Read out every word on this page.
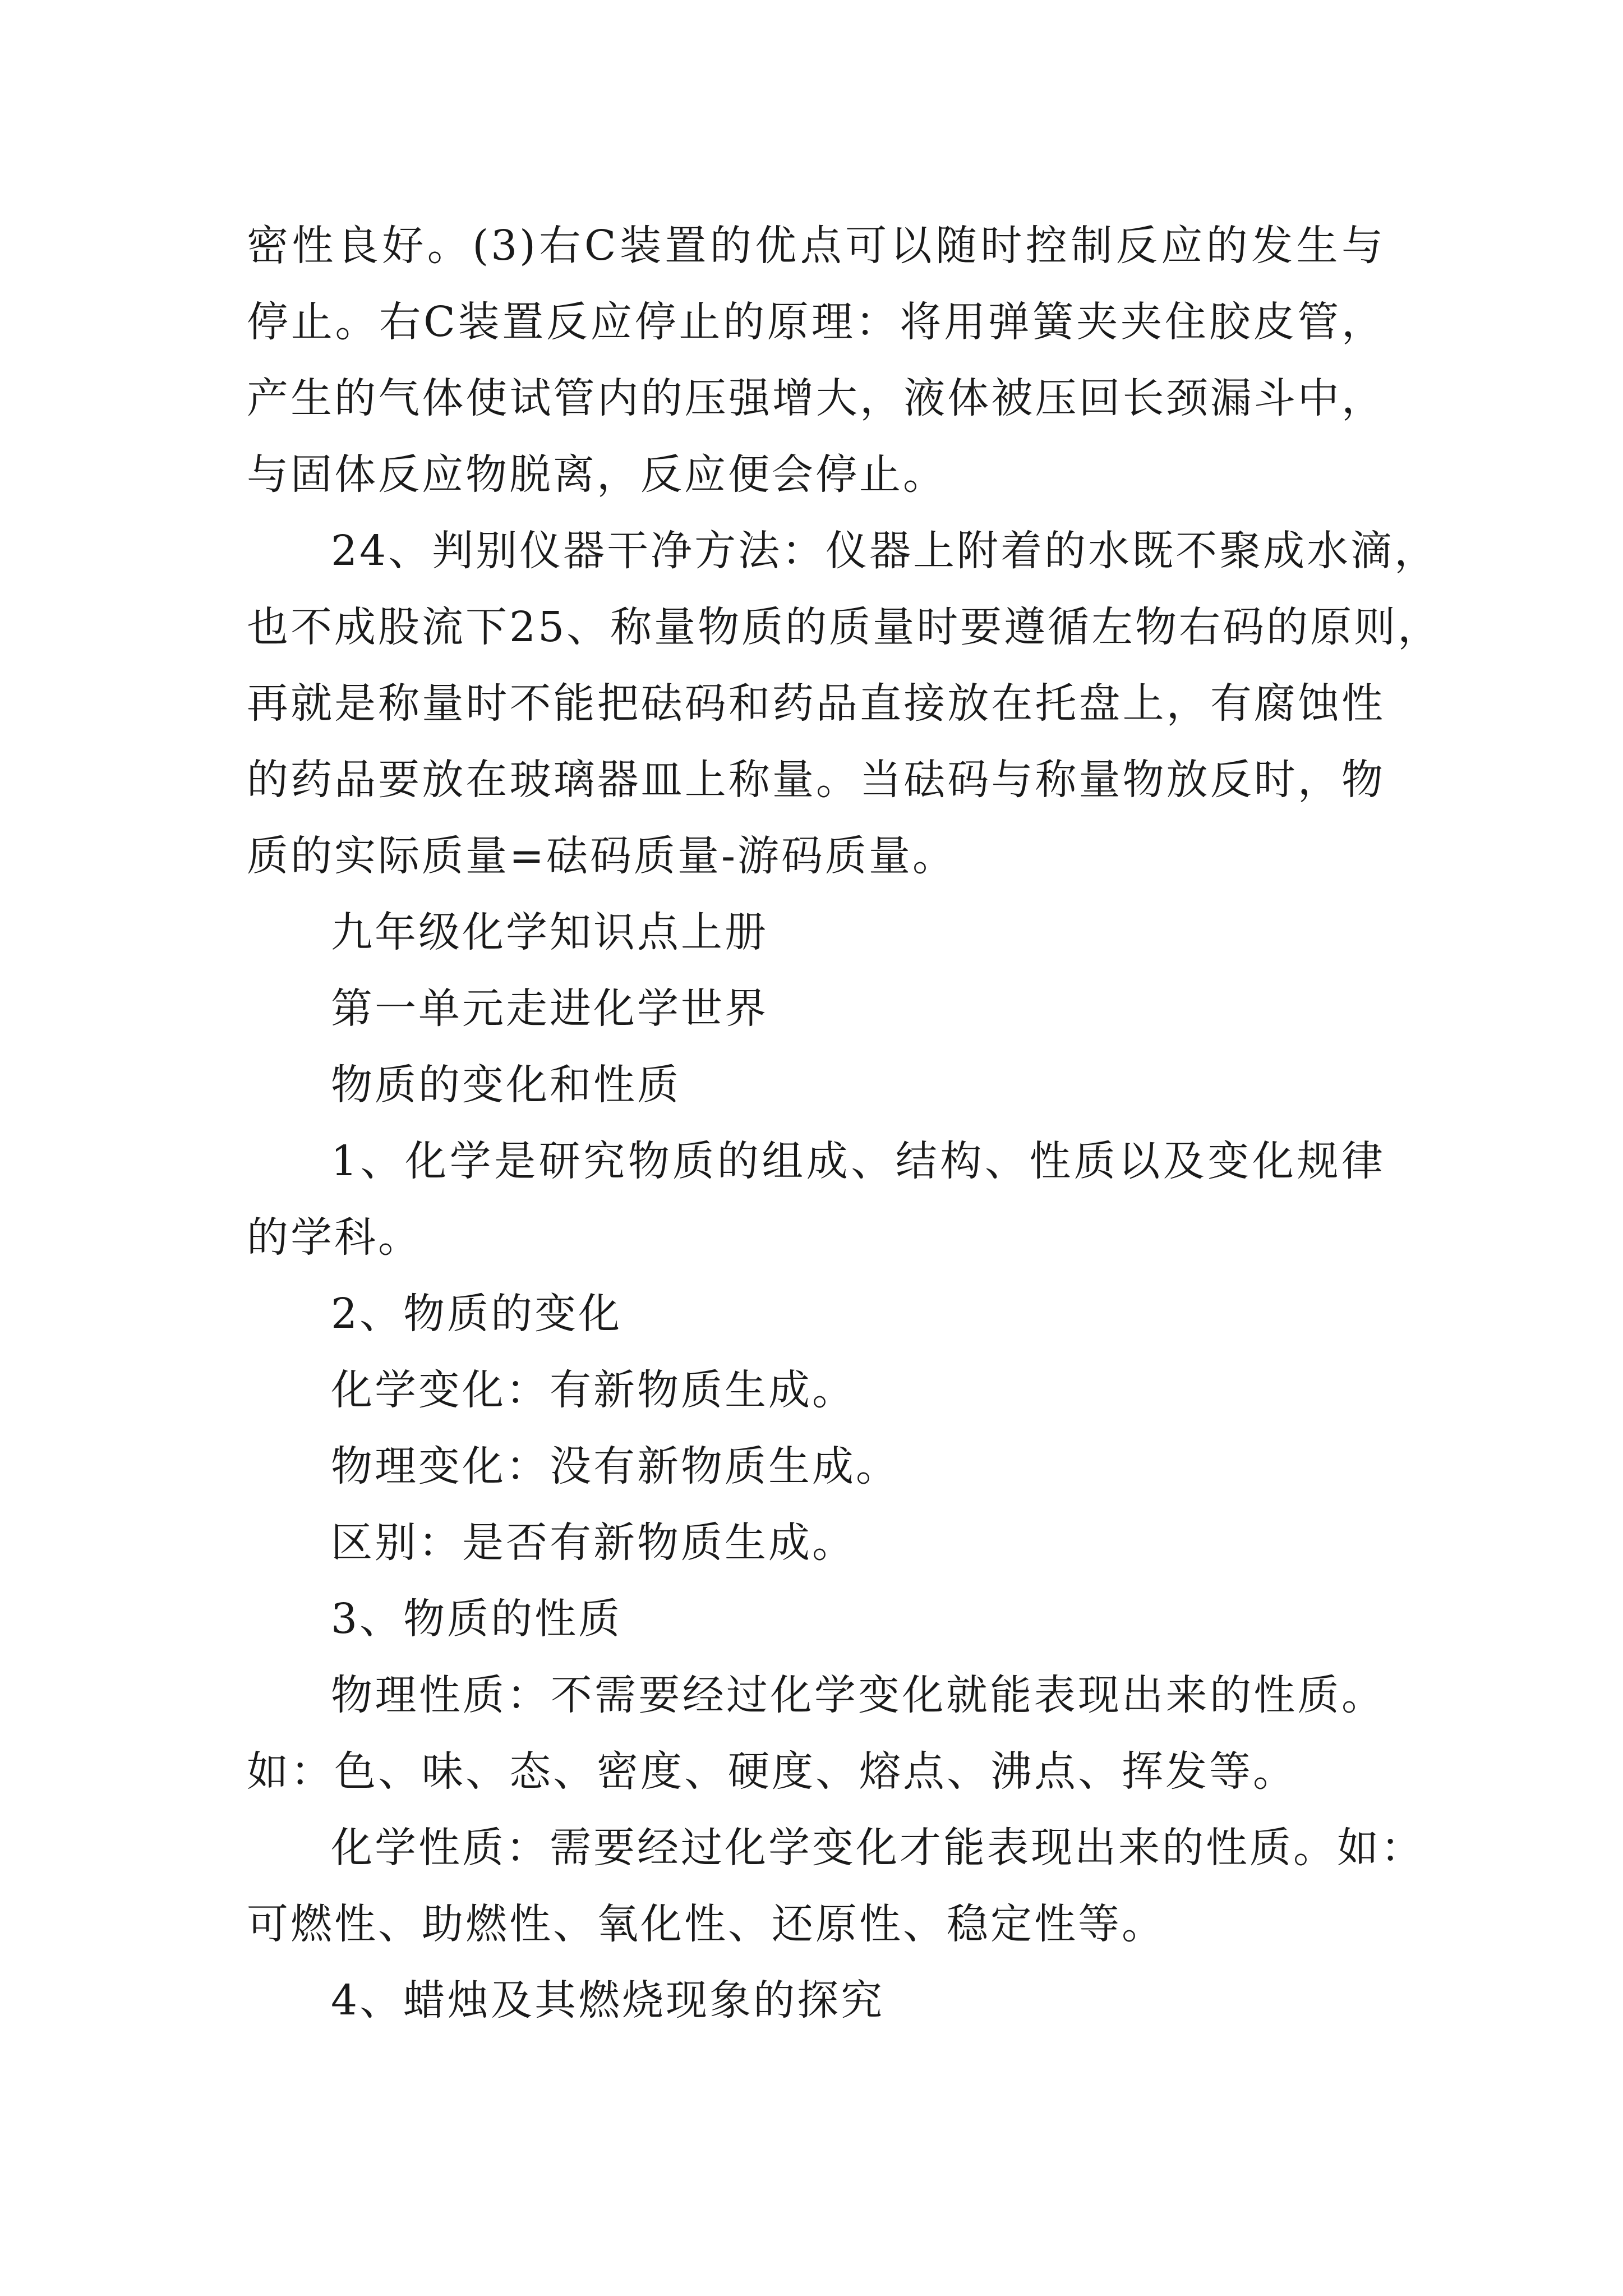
密性良好。(3)右C装置的优点可以随时控制反应的发生与
停止。右C装置反应停止的原理：将用弹簧夹夹住胶皮管，
产生的气体使试管内的压强增大，液体被压回长颈漏斗中，
与固体反应物脱离，反应便会停止。
24、判别仪器干净方法：仪器上附着的水既不聚成水滴，
也不成股流下25、称量物质的质量时要遵循左物右码的原则，
再就是称量时不能把砝码和药品直接放在托盘上，有腐蚀性
的药品要放在玻璃器皿上称量。当砝码与称量物放反时，物
质的实际质量=砝码质量-游码质量。
九年级化学知识点上册
第一单元走进化学世界
物质的变化和性质
1、化学是研究物质的组成、结构、性质以及变化规律
的学科。
2、物质的变化
化学变化：有新物质生成。
物理变化：没有新物质生成。
区别：是否有新物质生成。
3、物质的性质
物理性质：不需要经过化学变化就能表现出来的性质。
如：色、味、态、密度、硬度、熔点、沸点、挥发等。
化学性质：需要经过化学变化才能表现出来的性质。如：
可燃性、助燃性、氧化性、还原性、稳定性等。
4、蜡烛及其燃烧现象的探究
